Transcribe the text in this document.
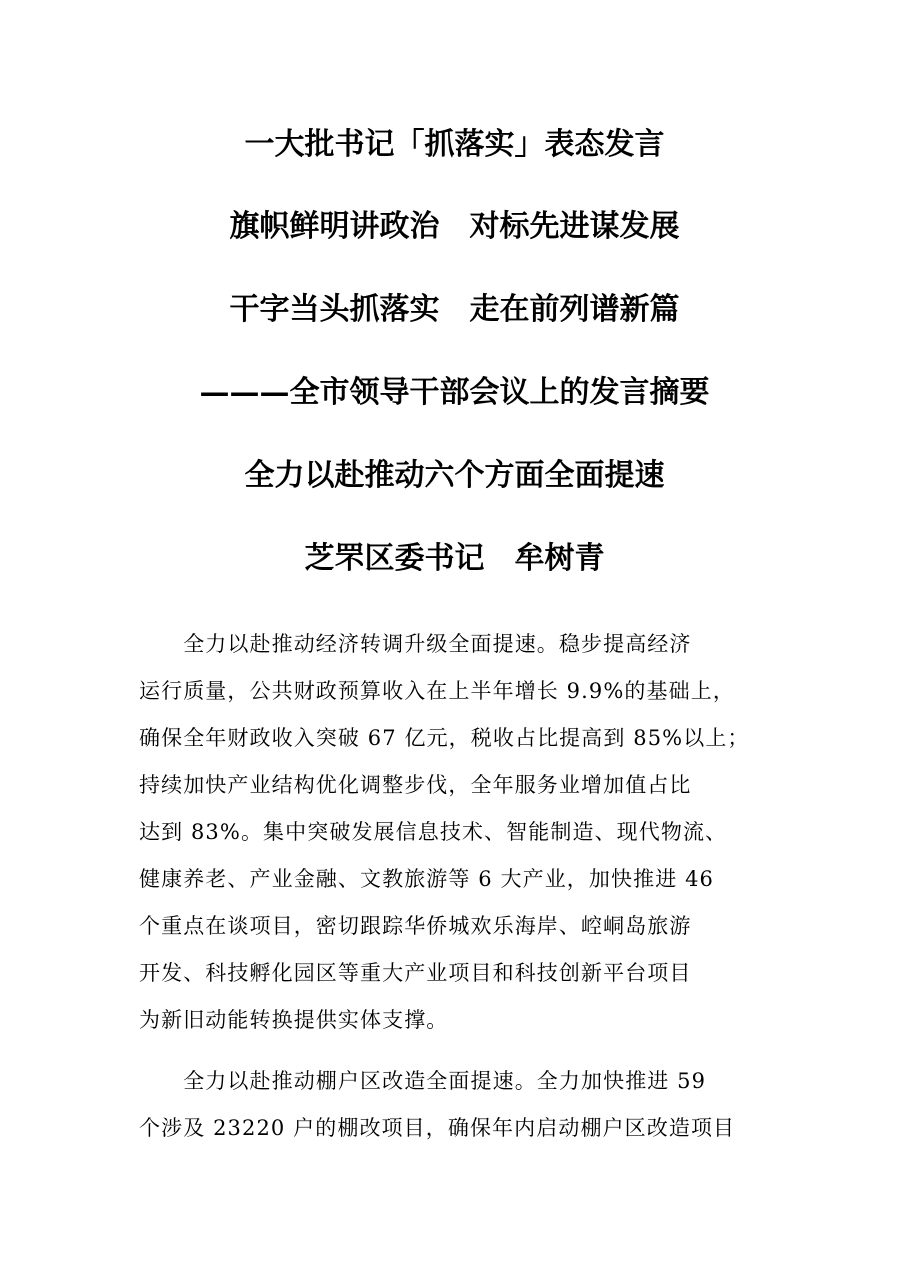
一大批书记「抓落实」表态发言
旗帜鲜明讲政治　对标先进谋发展
干字当头抓落实　走在前列谱新篇
———全市领导干部会议上的发言摘要
全力以赴推动六个方面全面提速
芝罘区委书记　牟树青
　　全力以赴推动经济转调升级全面提速。稳步提高经济
运行质量，公共财政预算收入在上半年增长 9.9%的基础上，
确保全年财政收入突破 67 亿元，税收占比提高到 85%以上；
持续加快产业结构优化调整步伐，全年服务业增加值占比
达到 83%。集中突破发展信息技术、智能制造、现代物流、
健康养老、产业金融、文教旅游等 6 大产业，加快推进 46
个重点在谈项目，密切跟踪华侨城欢乐海岸、崆峒岛旅游
开发、科技孵化园区等重大产业项目和科技创新平台项目
为新旧动能转换提供实体支撑。
　　全力以赴推动棚户区改造全面提速。全力加快推进 59
个涉及 23220 户的棚改项目，确保年内启动棚户区改造项目
